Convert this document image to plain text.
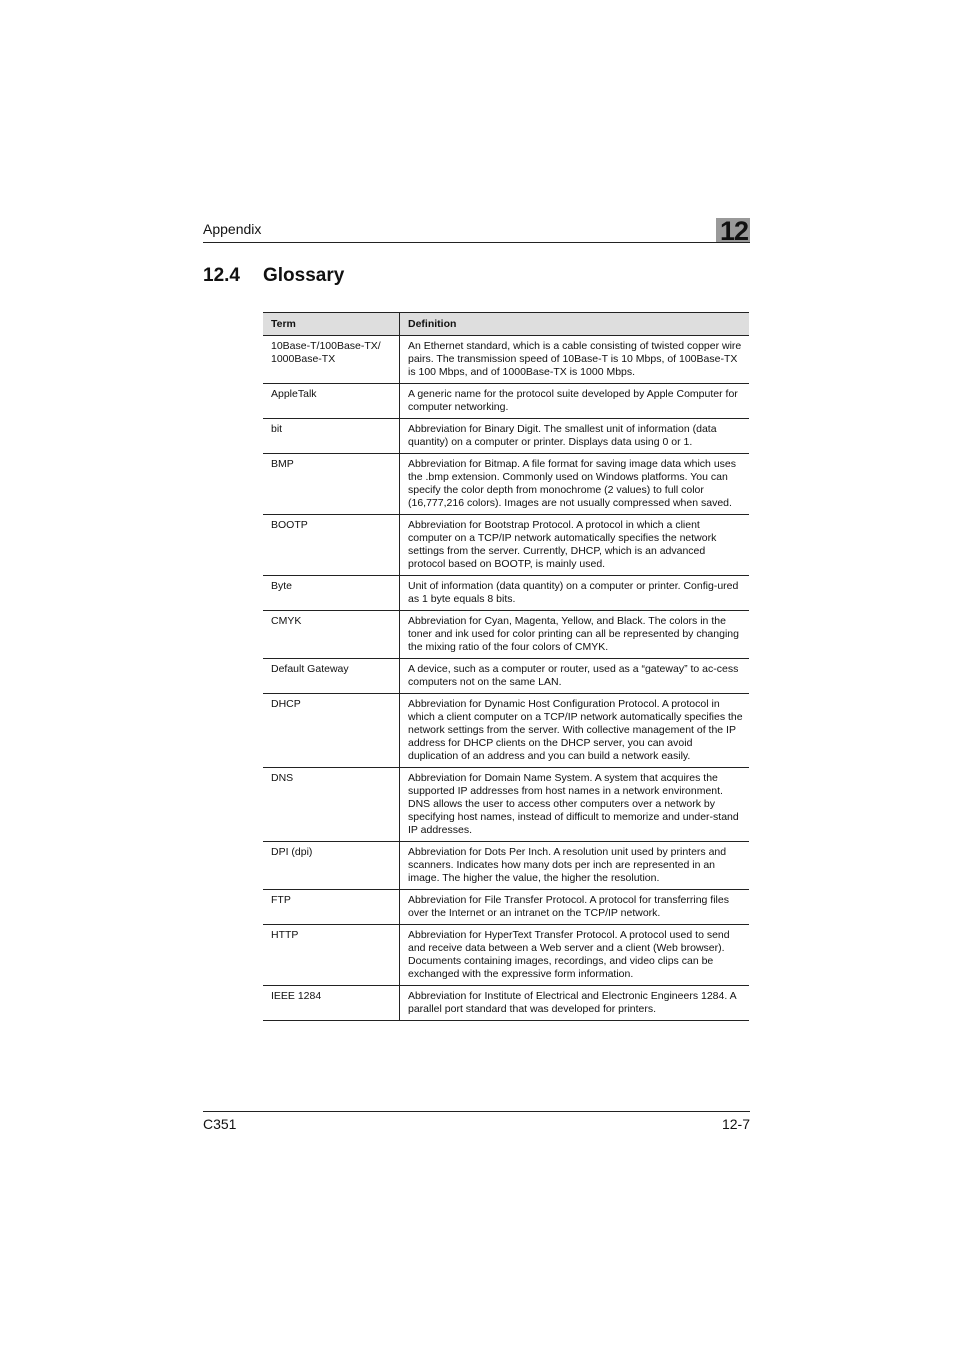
Appendix	12
12.4 Glossary
Term	Definition
10Base-T/100Base-TX/
1000Base-TX	An Ethernet standard, which is a cable consisting of twisted copper wire pairs. The transmission speed of 10Base-T is 10 Mbps, of 100Base-TX is 100 Mbps, and of 1000Base-TX is 1000 Mbps.
AppleTalk	A generic name for the protocol suite developed by Apple Computer for computer networking.
bit	Abbreviation for Binary Digit. The smallest unit of information (data quantity) on a computer or printer. Displays data using 0 or 1.
BMP	Abbreviation for Bitmap. A file format for saving image data which uses the .bmp extension. Commonly used on Windows platforms. You can specify the color depth from monochrome (2 values) to full color (16,777,216 colors). Images are not usually compressed when saved.
BOOTP	Abbreviation for Bootstrap Protocol. A protocol in which a client computer on a TCP/IP network automatically specifies the network settings from the server. Currently, DHCP, which is an advanced protocol based on BOOTP, is mainly used.
Byte	Unit of information (data quantity) on a computer or printer. Config-ured as 1 byte equals 8 bits.
CMYK	Abbreviation for Cyan, Magenta, Yellow, and Black. The colors in the toner and ink used for color printing can all be represented by changing the mixing ratio of the four colors of CMYK.
Default Gateway	A device, such as a computer or router, used as a “gateway” to ac-cess computers not on the same LAN.
DHCP	Abbreviation for Dynamic Host Configuration Protocol. A protocol in which a client computer on a TCP/IP network automatically specifies the network settings from the server. With collective management of the IP address for DHCP clients on the DHCP server, you can avoid duplication of an address and you can build a network easily.
DNS	Abbreviation for Domain Name System. A system that acquires the supported IP addresses from host names in a network environment. DNS allows the user to access other computers over a network by specifying host names, instead of difficult to memorize and under-stand IP addresses.
DPI (dpi)	Abbreviation for Dots Per Inch. A resolution unit used by printers and scanners. Indicates how many dots per inch are represented in an image. The higher the value, the higher the resolution.
FTP	Abbreviation for File Transfer Protocol. A protocol for transferring files over the Internet or an intranet on the TCP/IP network.
HTTP	Abbreviation for HyperText Transfer Protocol. A protocol used to send and receive data between a Web server and a client (Web browser). Documents containing images, recordings, and video clips can be exchanged with the expressive form information.
IEEE 1284	Abbreviation for Institute of Electrical and Electronic Engineers 1284. A parallel port standard that was developed for printers.
C351	12-7
